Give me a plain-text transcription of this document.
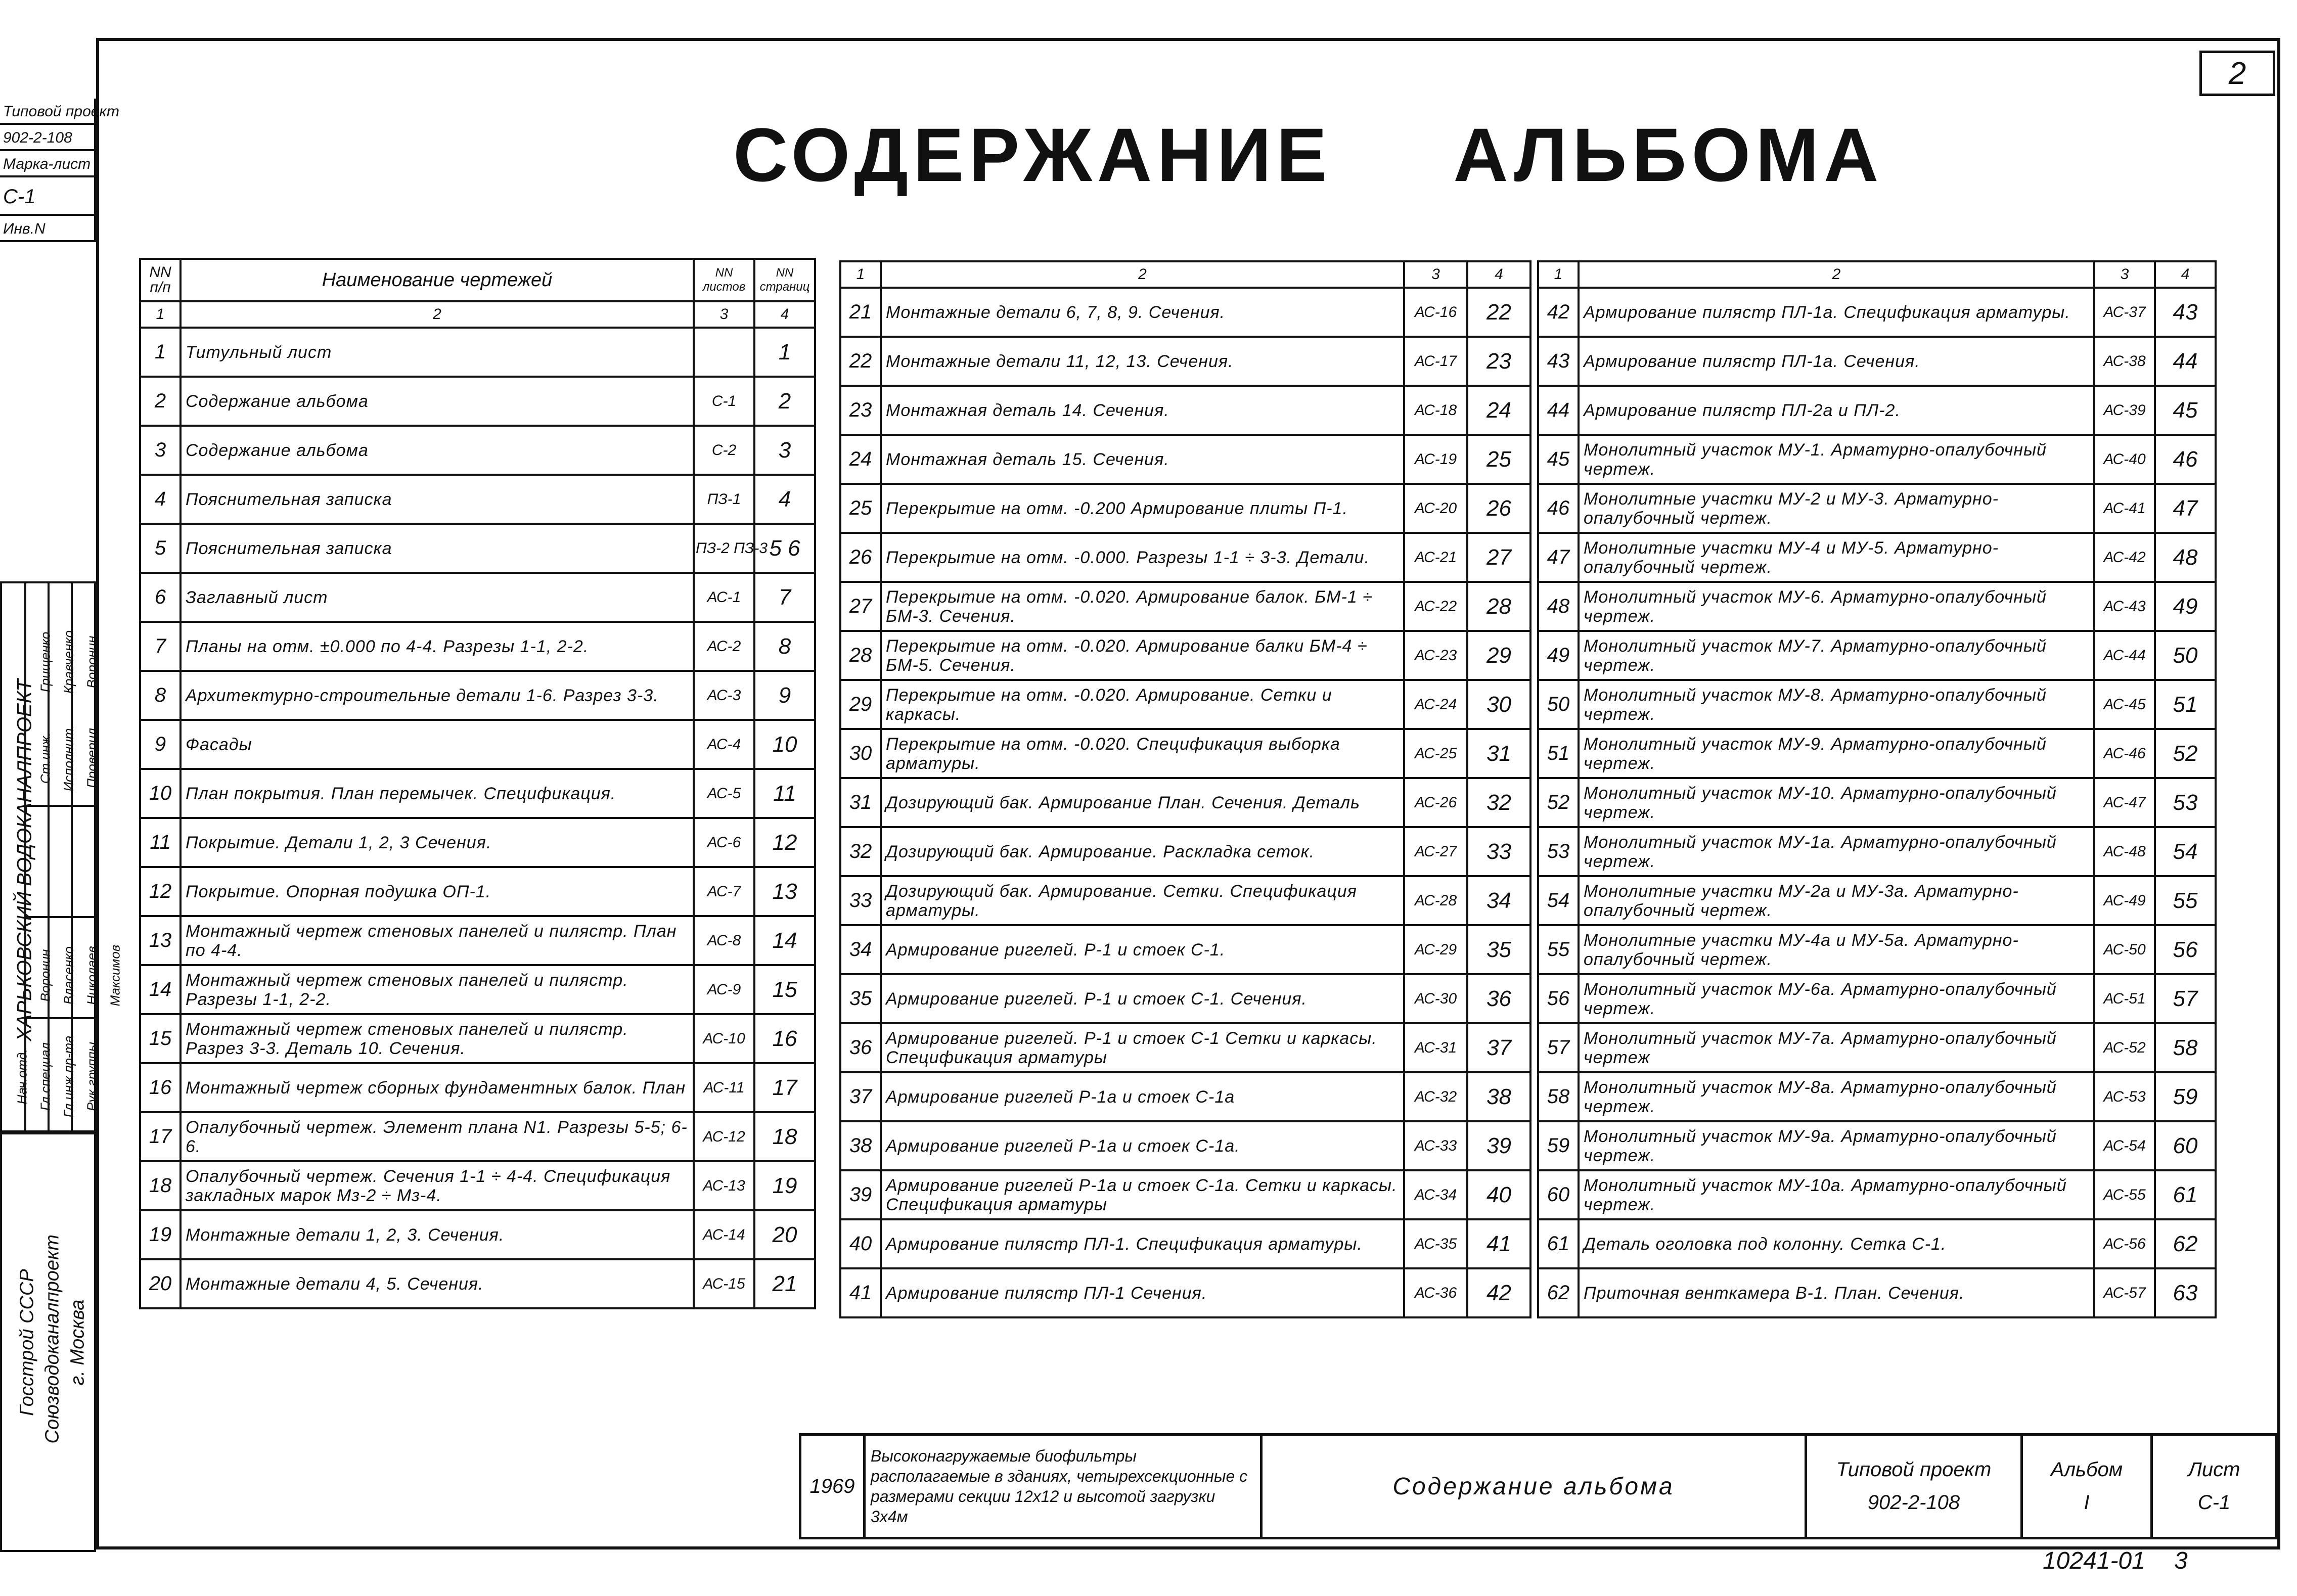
2
СОДЕРЖАНИЕ АЛЬБОМА
Типовой проект
902-2-108
Марка-лист
С-1
Инв.N
ХАРЬКОВСКИЙ ВОДОКАНАЛПРОЕКТ
Нач.отд. Гл.специал Гл.инж.пр-та Рук.группы
Ст.инж. Исполнит. Проверил
Грищенко Кравченко Воронин
Воронин Власенко Николаев Максимов
Госстрой СССР Союзводоканалпроект г. Москва
NN п/п	Наименование чертежей	NN листов	NN страниц
1	2	3	4
1	Титульный лист		1
2	Содержание альбома	С-1	2
3	Содержание альбома	С-2	3
4	Пояснительная записка	ПЗ-1	4
5	Пояснительная записка	ПЗ-2 ПЗ-3	5 6
6	Заглавный лист	АС-1	7
7	Планы на отм. ±0.000 по 4-4. Разрезы 1-1, 2-2.	АС-2	8
8	Архитектурно-строительные детали 1-6. Разрез 3-3.	АС-3	9
9	Фасады	АС-4	10
10	План покрытия. План перемычек. Спецификация.	АС-5	11
11	Покрытие. Детали 1, 2, 3 Сечения.	АС-6	12
12	Покрытие. Опорная подушка ОП-1.	АС-7	13
13	Монтажный чертеж стеновых панелей и пилястр. План по 4-4.	АС-8	14
14	Монтажный чертеж стеновых панелей и пилястр. Разрезы 1-1, 2-2.	АС-9	15
15	Монтажный чертеж стеновых панелей и пилястр. Разрез 3-3. Деталь 10. Сечения.	АС-10	16
16	Монтажный чертеж сборных фундаментных балок. План	АС-11	17
17	Опалубочный чертеж. Элемент плана N1. Разрезы 5-5; 6-6.	АС-12	18
18	Опалубочный чертеж. Сечения 1-1 ÷ 4-4. Спецификация закладных марок Мз-2 ÷ Мз-4.	АС-13	19
19	Монтажные детали 1, 2, 3. Сечения.	АС-14	20
20	Монтажные детали 4, 5. Сечения.	АС-15	21
1	2	3	4
21	Монтажные детали 6, 7, 8, 9. Сечения.	АС-16	22
22	Монтажные детали 11, 12, 13. Сечения.	АС-17	23
23	Монтажная деталь 14. Сечения.	АС-18	24
24	Монтажная деталь 15. Сечения.	АС-19	25
25	Перекрытие на отм. -0.200 Армирование плиты П-1.	АС-20	26
26	Перекрытие на отм. -0.000. Разрезы 1-1 ÷ 3-3. Детали.	АС-21	27
27	Перекрытие на отм. -0.020. Армирование балок. БМ-1 ÷ БМ-3. Сечения.	АС-22	28
28	Перекрытие на отм. -0.020. Армирование балки БМ-4 ÷ БМ-5. Сечения.	АС-23	29
29	Перекрытие на отм. -0.020. Армирование. Сетки и каркасы.	АС-24	30
30	Перекрытие на отм. -0.020. Спецификация выборка арматуры.	АС-25	31
31	Дозирующий бак. Армирование План. Сечения. Деталь	АС-26	32
32	Дозирующий бак. Армирование. Раскладка сеток.	АС-27	33
33	Дозирующий бак. Армирование. Сетки. Спецификация арматуры.	АС-28	34
34	Армирование ригелей. Р-1 и стоек С-1.	АС-29	35
35	Армирование ригелей. Р-1 и стоек С-1. Сечения.	АС-30	36
36	Армирование ригелей. Р-1 и стоек С-1 Сетки и каркасы. Спецификация арматуры	АС-31	37
37	Армирование ригелей Р-1а и стоек С-1а	АС-32	38
38	Армирование ригелей Р-1а и стоек С-1а.	АС-33	39
39	Армирование ригелей Р-1а и стоек С-1а. Сетки и каркасы. Спецификация арматуры	АС-34	40
40	Армирование пилястр ПЛ-1. Спецификация арматуры.	АС-35	41
41	Армирование пилястр ПЛ-1 Сечения.	АС-36	42
1	2	3	4
42	Армирование пилястр ПЛ-1а. Спецификация арматуры.	АС-37	43
43	Армирование пилястр ПЛ-1а. Сечения.	АС-38	44
44	Армирование пилястр ПЛ-2а и ПЛ-2.	АС-39	45
45	Монолитный участок МУ-1. Арматурно-опалубочный чертеж.	АС-40	46
46	Монолитные участки МУ-2 и МУ-3. Арматурно-опалубочный чертеж.	АС-41	47
47	Монолитные участки МУ-4 и МУ-5. Арматурно-опалубочный чертеж.	АС-42	48
48	Монолитный участок МУ-6. Арматурно-опалубочный чертеж.	АС-43	49
49	Монолитный участок МУ-7. Арматурно-опалубочный чертеж.	АС-44	50
50	Монолитный участок МУ-8. Арматурно-опалубочный чертеж.	АС-45	51
51	Монолитный участок МУ-9. Арматурно-опалубочный чертеж.	АС-46	52
52	Монолитный участок МУ-10. Арматурно-опалубочный чертеж.	АС-47	53
53	Монолитный участок МУ-1а. Арматурно-опалубочный чертеж.	АС-48	54
54	Монолитные участки МУ-2а и МУ-3а. Арматурно-опалубочный чертеж.	АС-49	55
55	Монолитные участки МУ-4а и МУ-5а. Арматурно-опалубочный чертеж.	АС-50	56
56	Монолитный участок МУ-6а. Арматурно-опалубочный чертеж.	АС-51	57
57	Монолитный участок МУ-7а. Арматурно-опалубочный чертеж	АС-52	58
58	Монолитный участок МУ-8а. Арматурно-опалубочный чертеж.	АС-53	59
59	Монолитный участок МУ-9а. Арматурно-опалубочный чертеж.	АС-54	60
60	Монолитный участок МУ-10а. Арматурно-опалубочный чертеж.	АС-55	61
61	Деталь оголовка под колонну. Сетка С-1.	АС-56	62
62	Приточная венткамера В-1. План. Сечения.	АС-57	63
1969	Высоконагружаемые биофильтры располагаемые в зданиях, четырехсекционные с размерами секции 12х12 и высотой загрузки 3х4м	Содержание альбома	
Типовой проект
902-2-108

Альбом
I

Лист
С-1
10241-01 3
